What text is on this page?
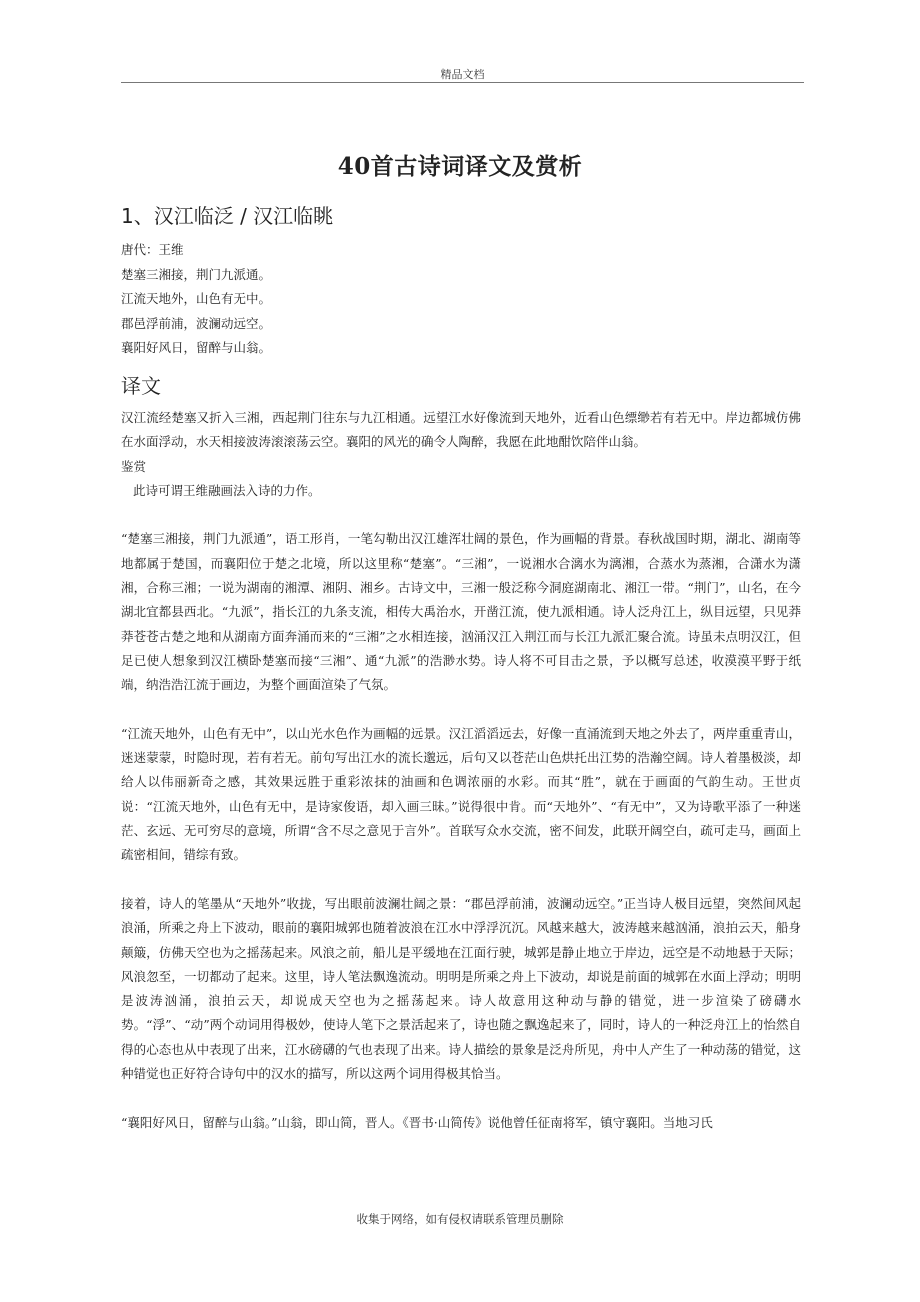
精品文档
40首古诗词译文及赏析
1、汉江临泛 / 汉江临眺
唐代：王维
楚塞三湘接，荆门九派通。
江流天地外，山色有无中。
郡邑浮前浦，波澜动远空。
襄阳好风日，留醉与山翁。
译文

汉江流经楚塞又折入三湘，西起荆门往东与九江相通。远望江水好像流到天地外，近看山色缥缈若有若无中。岸边都城仿佛在水面浮动，水天相接波涛滚滚荡云空。襄阳的风光的确令人陶醉，我愿在此地酣饮陪伴山翁。

鉴赏

此诗可谓王维融画法入诗的力作。

“楚塞三湘接，荆门九派通”，语工形肖，一笔勾勒出汉江雄浑壮阔的景色，作为画幅的背景。春秋战国时期，湖北、湖南等地都属于楚国，而襄阳位于楚之北境，所以这里称“楚塞”。“三湘”，一说湘水合漓水为漓湘，合蒸水为蒸湘，合潇水为潇湘，合称三湘；一说为湖南的湘潭、湘阴、湘乡。古诗文中，三湘一般泛称今洞庭湖南北、湘江一带。“荆门”，山名，在今湖北宜都县西北。“九派”，指长江的九条支流，相传大禹治水，开凿江流，使九派相通。诗人泛舟江上，纵目远望，只见莽莽苍苍古楚之地和从湖南方面奔涌而来的“三湘”之水相连接，汹涌汉江入荆江而与长江九派汇聚合流。诗虽未点明汉江，但足已使人想象到汉江横卧楚塞而接“三湘”、通“九派”的浩渺水势。诗人将不可目击之景，予以概写总述，收漠漠平野于纸端，纳浩浩江流于画边，为整个画面渲染了气氛。

“江流天地外，山色有无中”，以山光水色作为画幅的远景。汉江滔滔远去，好像一直涌流到天地之外去了，两岸重重青山，迷迷蒙蒙，时隐时现，若有若无。前句写出江水的流长邈远，后句又以苍茫山色烘托出江势的浩瀚空阔。诗人着墨极淡，却给人以伟丽新奇之感，其效果远胜于重彩浓抹的油画和色调浓丽的水彩。而其“胜”，就在于画面的气韵生动。王世贞说：“江流天地外，山色有无中，是诗家俊语，却入画三昧。”说得很中肯。而“天地外”、“有无中”，又为诗歌平添了一种迷茫、玄远、无可穷尽的意境，所谓“含不尽之意见于言外”。首联写众水交流，密不间发，此联开阔空白，疏可走马，画面上疏密相间，错综有致。

接着，诗人的笔墨从“天地外”收拢，写出眼前波澜壮阔之景：“郡邑浮前浦，波澜动远空。”正当诗人极目远望，突然间风起浪涌，所乘之舟上下波动，眼前的襄阳城郭也随着波浪在江水中浮浮沉沉。风越来越大，波涛越来越汹涌，浪拍云天，船身颠簸，仿佛天空也为之摇荡起来。风浪之前，船儿是平缓地在江面行驶，城郭是静止地立于岸边，远空是不动地悬于天际；风浪忽至，一切都动了起来。这里，诗人笔法飘逸流动。明明是所乘之舟上下波动，却说是前面的城郭在水面上浮动；明明是波涛汹涌，浪拍云天，却说成天空也为之摇荡起来。诗人故意用这种动与静的错觉，进一步渲染了磅礴水势。“浮”、“动”两个动词用得极妙，使诗人笔下之景活起来了，诗也随之飘逸起来了，同时，诗人的一种泛舟江上的怡然自得的心态也从中表现了出来，江水磅礴的气也表现了出来。诗人描绘的景象是泛舟所见，舟中人产生了一种动荡的错觉，这种错觉也正好符合诗句中的汉水的描写，所以这两个词用得极其恰当。

“襄阳好风日，留醉与山翁。”山翁，即山简，晋人。《晋书·山简传》说他曾任征南将军，镇守襄阳。当地习氏

收集于网络，如有侵权请联系管理员删除
